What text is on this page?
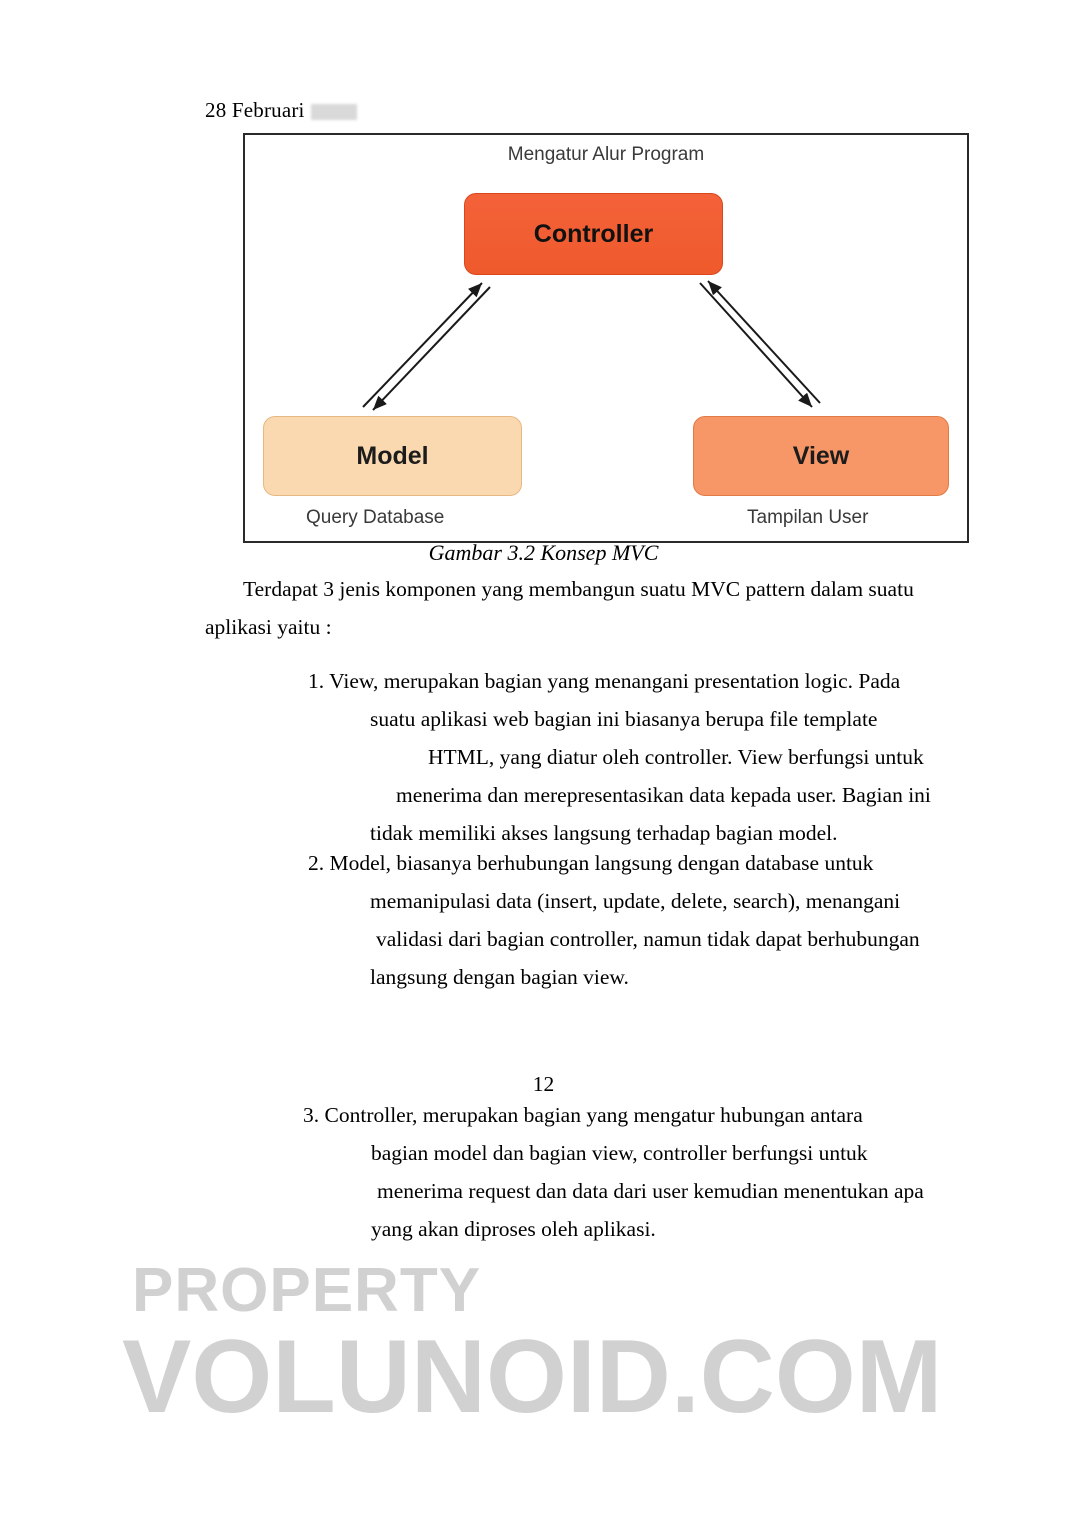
28 Februari
Mengatur Alur Program
Controller
Model	View
Query Database	Tampilan User
Gambar 3.2 Konsep MVC
Terdapat 3 jenis komponen yang membangun suatu MVC pattern dalam suatu aplikasi yaitu :
1. View, merupakan bagian yang menangani presentation logic. Pada
suatu aplikasi web bagian ini biasanya berupa file template
HTML, yang diatur oleh controller. View berfungsi untuk
menerima dan merepresentasikan data kepada user. Bagian ini
tidak memiliki akses langsung terhadap bagian model.
2. Model, biasanya berhubungan langsung dengan database untuk
memanipulasi data (insert, update, delete, search), menangani
validasi dari bagian controller, namun tidak dapat berhubungan
langsung dengan bagian view.
12
3. Controller, merupakan bagian yang mengatur hubungan antara
bagian model dan bagian view, controller berfungsi untuk
menerima request dan data dari user kemudian menentukan apa
yang akan diproses oleh aplikasi.
PROPERTY
VOLUNOID.COM
